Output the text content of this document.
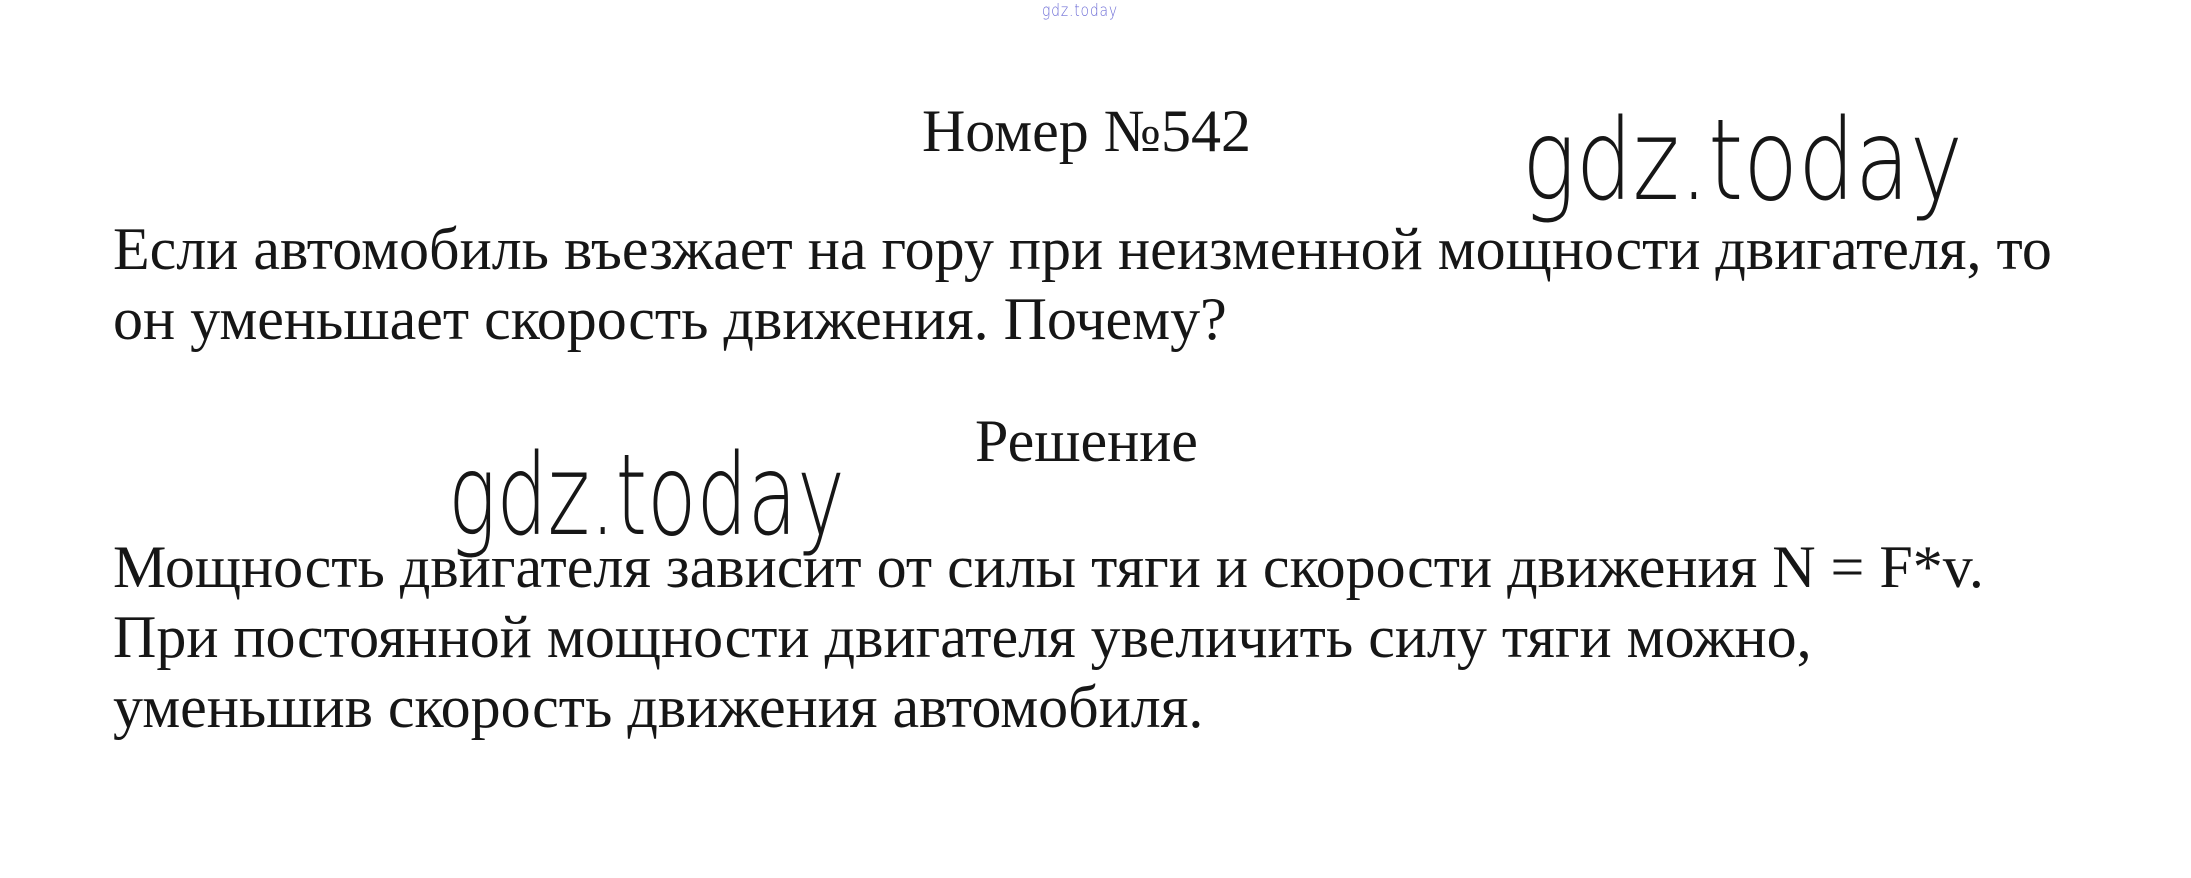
gdz.today
Номер №542	gdz.today
Если автомобиль въезжает на гору при неизменной мощности двигателя, то
он уменьшает скорость движения. Почему?
gdz.today	Решение
Мощность двигателя зависит от силы тяги и скорости движения N = F*v.
При постоянной мощности двигателя увеличить силу тяги можно,
уменьшив скорость движения автомобиля.
